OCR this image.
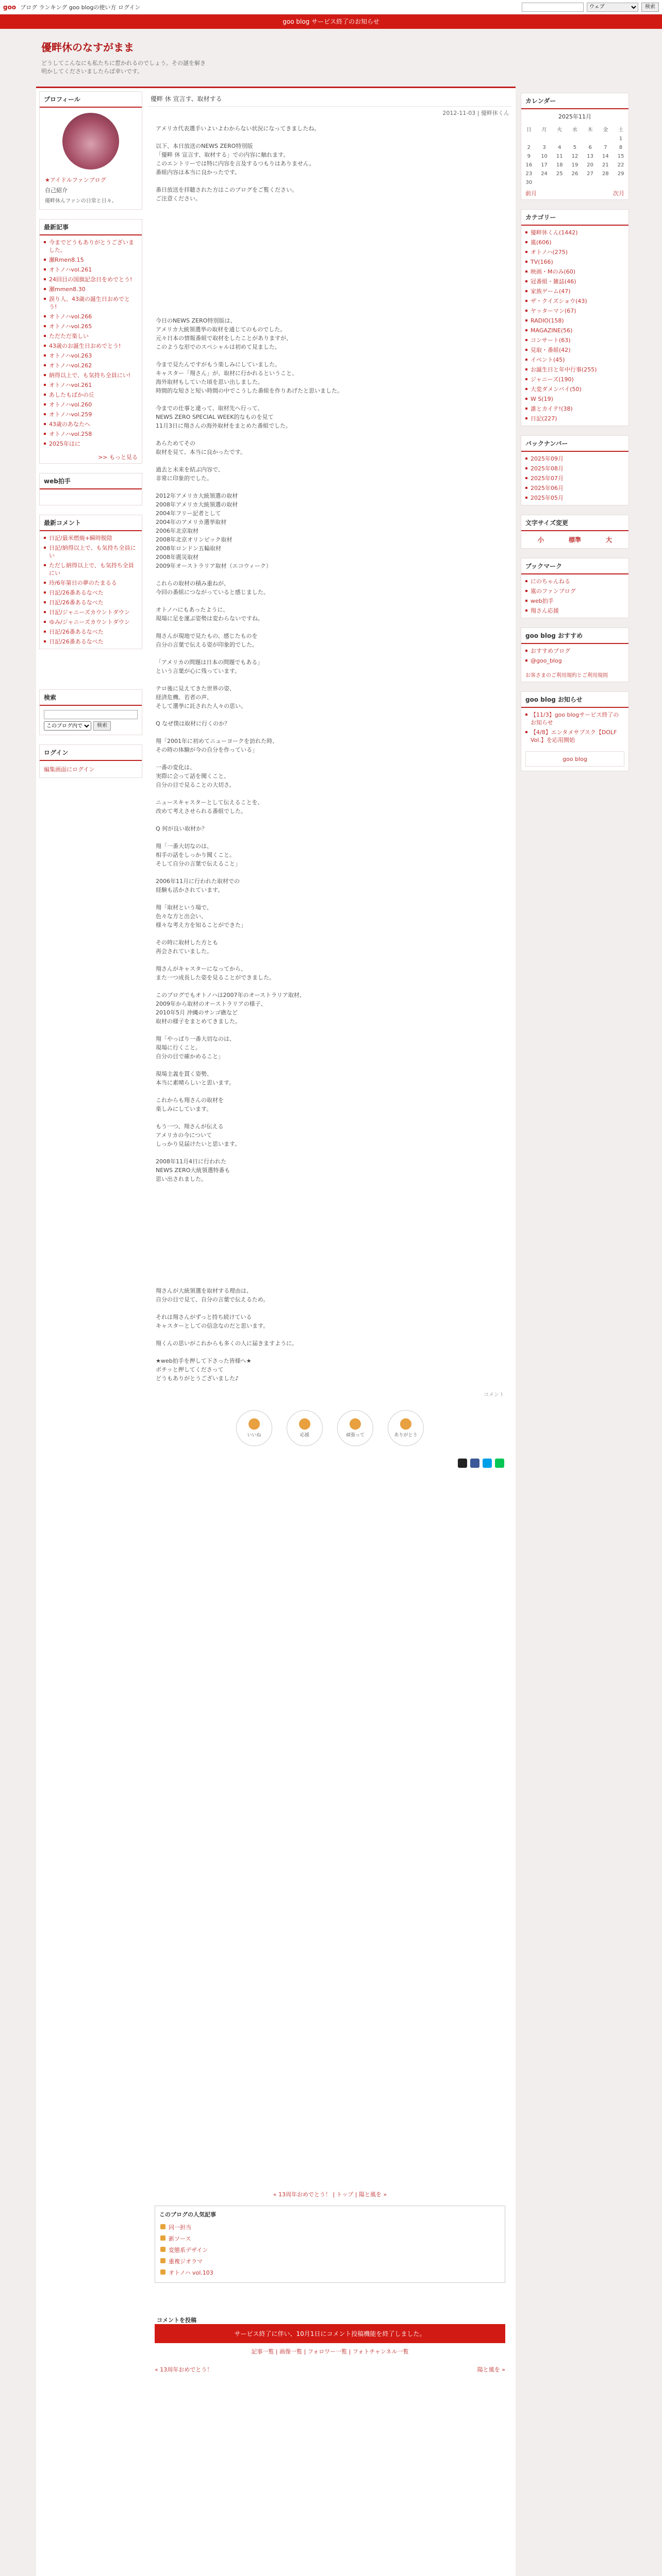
goo ブログ ランキング goo blogの使い方 ログイン
ウェブ	検索
goo blog サービス終了のお知らせ
優畔休のなすがまま
どうしてこんなにも私たちに惹かれるのでしょう。その謎を解き明かしてくださいましたらば幸いです。
プロフィール
★アイドルファンブログ
自己紹介
優畔休んファンの日常と日々。
最新記事
今までどうもありがとうございました。
瀬Rmen8.15
オトノハvol.261
24回目の国旗記念日をめでとう!
瀬mmen8.30
誤り人、43歳の誕生日おめでとう!
オトノハvol.266
オトノハvol.265
ただただ楽しい
43歳のお誕生日おめでとう!
オトノハvol.263
オトノハvol.262
納得以上で、も気持ち全員にい!
オトノハvol.261
あしたもばかの丘
オトノハvol.260
オトノハvol.259
43歳のあなたへ
オトノハvol.258
2025年はに
>> もっと見る
web拍手
最新コメント
日記/最米燃焼+瞬時脱陰
日記/納得以上で、も気持ち全員にい
ただし納得以上で、も気持ち全員にい
玲/6年第日の夢のたまるる
日記/26番あるなべた
日記/26番あるなべた
日記/ジャニーズカウントダウン
ゆみ/ジャニーズカウントダウン
日記/26番あるなべた
日記/26番あるなべた
検索
このブログ内で
検索
ログイン
編集画面にログイン
優畔 休 宣言す、取材する
2012-11-03 | 優畔休くん
アメリカ代表選手いよいよわからない状況になってきましたね。

以下、本日放送のNEWS ZERO特別版
「優畔 休 宣言す、取材する」での内容に触れます。
このエントリーでは特に内容を言及するつもりはありません。
番組内容は本当に良かったです。

番日放送を拝聴された方はこのブログをご覧ください。
ご注意ください。
今日のNEWS ZERO特別版は、
アメリカ大統領選挙の取材を通じてのものでした。
元々日本の情報番組で取材をしたことがありますが、
このような形でのスペシャルは初めて見ました。

今まで見たんですがもう楽しみにしていました。
キャスター「翔さん」が、取材に行かれるということ、
海外取材もしていた頃を思い出しました。
時間的な短さと短い時間の中でこうした番組を作りあげたと思いました。

今までの仕事と違って、取材先へ行って、
NEWS ZERO SPECIAL WEEK的なものを見て
11月3日に翔さんの海外取材をまとめた番組でした。

あらためてその
取材を見て、本当に良かったです。

過去と未来を結ぶ内容で、
非常に印象的でした。

2012年アメリカ大統領選の取材
2008年アメリカ大統領選の取材
2004年フリー記者として
2004年のアメリカ選挙取材
2006年北京取材
2008年北京オリンピック取材
2008年ロンドン五輪取材
2008年震災取材
2009年オーストラリア取材（エコウィーク）

これらの取材の積み重ねが、
今回の番組につながっていると感じました。

オトノハにもあったように、
現場に足を運ぶ姿勢は変わらないですね。

翔さんが現地で見たもの、感じたものを
自分の言葉で伝える姿が印象的でした。

「アメリカの問題は日本の問題でもある」
という言葉が心に残っています。

テロ後に見えてきた世界の姿、
経済危機、若者の声、
そして選挙に託された人々の思い。

Q なぜ僕は取材に行くのか？

翔「2001年に初めてニューヨークを訪れた時、
その時の体験が今の自分を作っている」

一番の変化は、
実際に会って話を聞くこと、
自分の目で見ることの大切さ。

ニュースキャスターとして伝えることを、
改めて考えさせられる番組でした。

Q 何が良い取材か？

翔「一番大切なのは、
相手の話をしっかり聞くこと。
そして自分の言葉で伝えること」

2006年11月に行われた取材での
経験も活かされています。

翔「取材という場で、
色々な方と出会い、
様々な考え方を知ることができた」

その時に取材した方とも
再会されていました。

翔さんがキャスターになってから、
また一つ成長した姿を見ることができました。

このブログでもオトノハは2007年のオーストラリア取材、
2009年から取材のオーストラリアの様子、
2010年5月 沖縄のサンゴ礁など
取材の様子をまとめてきました。

翔「やっぱり一番大切なのは、
現場に行くこと。
自分の目で確かめること」

現場主義を貫く姿勢、
本当に素晴らしいと思います。

これからも翔さんの取材を
楽しみにしています。

もう一つ、翔さんが伝える
アメリカの今について
しっかり見届けたいと思います。

2008年11月4日に行われた
NEWS ZERO大統領選特番も
思い出されました。
翔さんが大統領選を取材する理由は、
自分の目で見て、自分の言葉で伝えるため。

それは翔さんがずっと持ち続けている
キャスターとしての信念なのだと思います。

翔くんの思いがこれからも多くの人に届きますように。

★web拍手を押して下さった皆様へ★
ポチッと押してくださって
どうもありがとうございました♪
コメント
いいね	応援	頑張って	ありがとう
« 13周年おめでとう！ | トップ | 陽と風を »
このブログの人気記事
同一担当
新ソース
変態系デザイン
重複ジオラマ
オトノハ vol.103
コメントを投稿
サービス終了に伴い、10月1日にコメント投稿機能を終了しました。
記事一覧 | 画像一覧 | フォロワー一覧 | フォトチャンネル一覧
« 13周年おめでとう！	陽と風を »
カレンダー
2025年11月
日	月	火	水	木	金	土
						1
2	3	4	5	6	7	8
9	10	11	12	13	14	15
16	17	18	19	20	21	22
23	24	25	26	27	28	29
30						
前月	次月
カテゴリー
優畔休くん(1442)
嵐(606)
オトノハ(275)
TV(166)
映画・Mのみ(60)
冠番組・雑誌(46)
家族ゲーム(47)
ザ・クイズショウ(43)
ヤッターマン(67)
RADIO(158)
MAGAZINE(56)
コンサート(63)
見取・番組(42)
イベント(45)
お誕生日と年中行事(255)
ジャニーズ(190)
大変ダメンバイ(50)
W S(19)
誰とカイテ!(38)
日記(227)
バックナンバー
2025年09月
2025年08月
2025年07月
2025年06月
2025年05月
文字サイズ変更
小	標準	大
ブックマーク
にのちゃんねる
嵐のファンブログ
web拍手
翔さん応援
goo blog おすすめ
おすすめブログ
@goo_blog
お客さまのご利用規約とご利用規則
goo blog お知らせ
【11/3】goo blogサービス終了のお知らせ
【4/8】エンタメサブスク【DOLF Vol.】を応用開始
goo blog
